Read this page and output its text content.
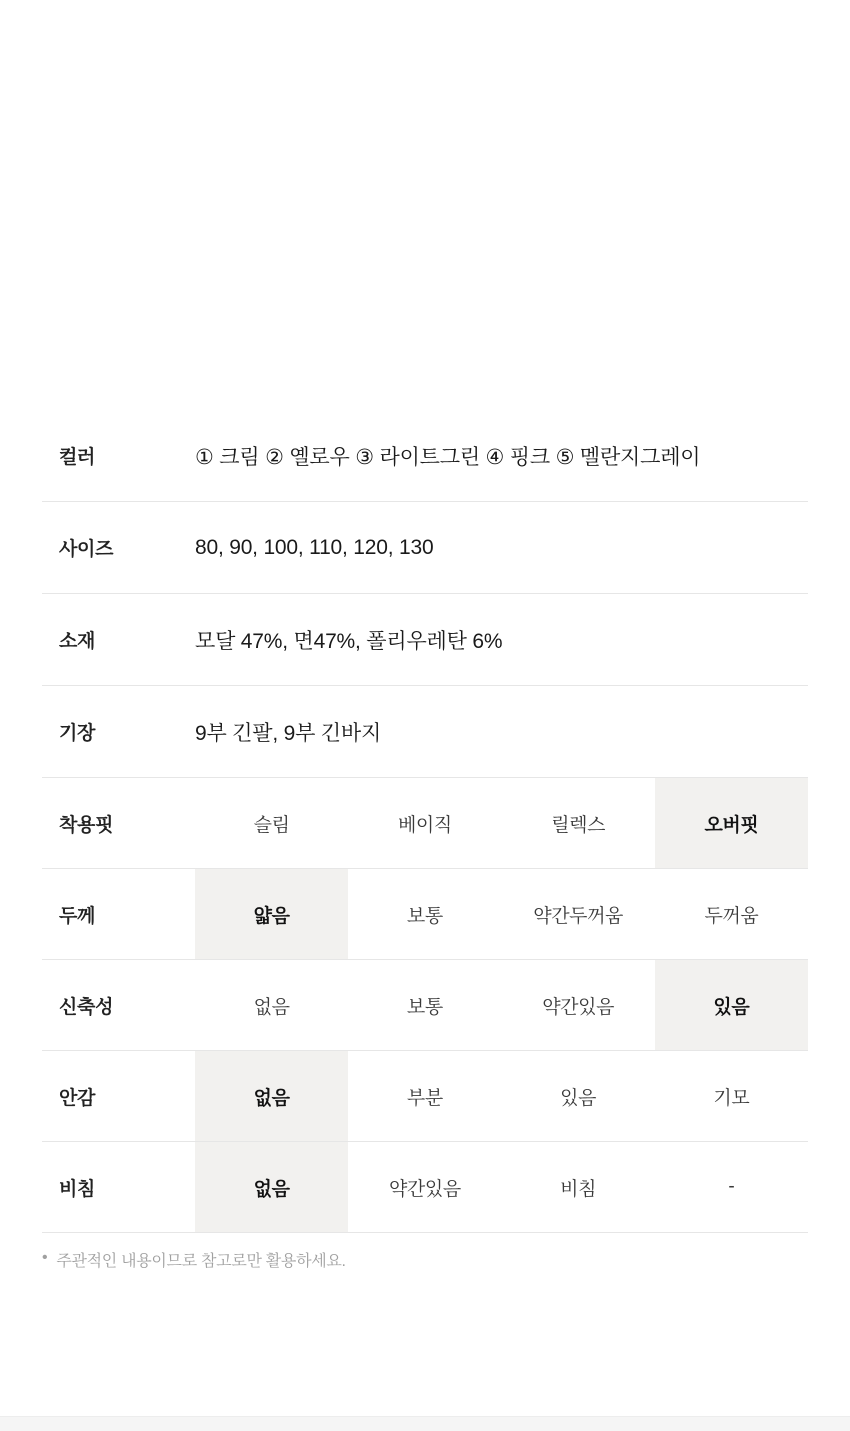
컬러	① 크림 ② 옐로우 ③ 라이트그린 ④ 핑크 ⑤ 멜란지그레이
사이즈	80, 90, 100, 110, 120, 130
소재	모달 47%, 면47%, 폴리우레탄 6%
기장	9부 긴팔, 9부 긴바지
착용핏	슬림	베이직	릴렉스	오버핏
두께	얇음	보통	약간두꺼움	두꺼움
신축성	없음	보통	약간있음	있음
안감	없음	부분	있음	기모
비침	없음	약간있음	비침	-
• 주관적인 내용이므로 참고로만 활용하세요.
